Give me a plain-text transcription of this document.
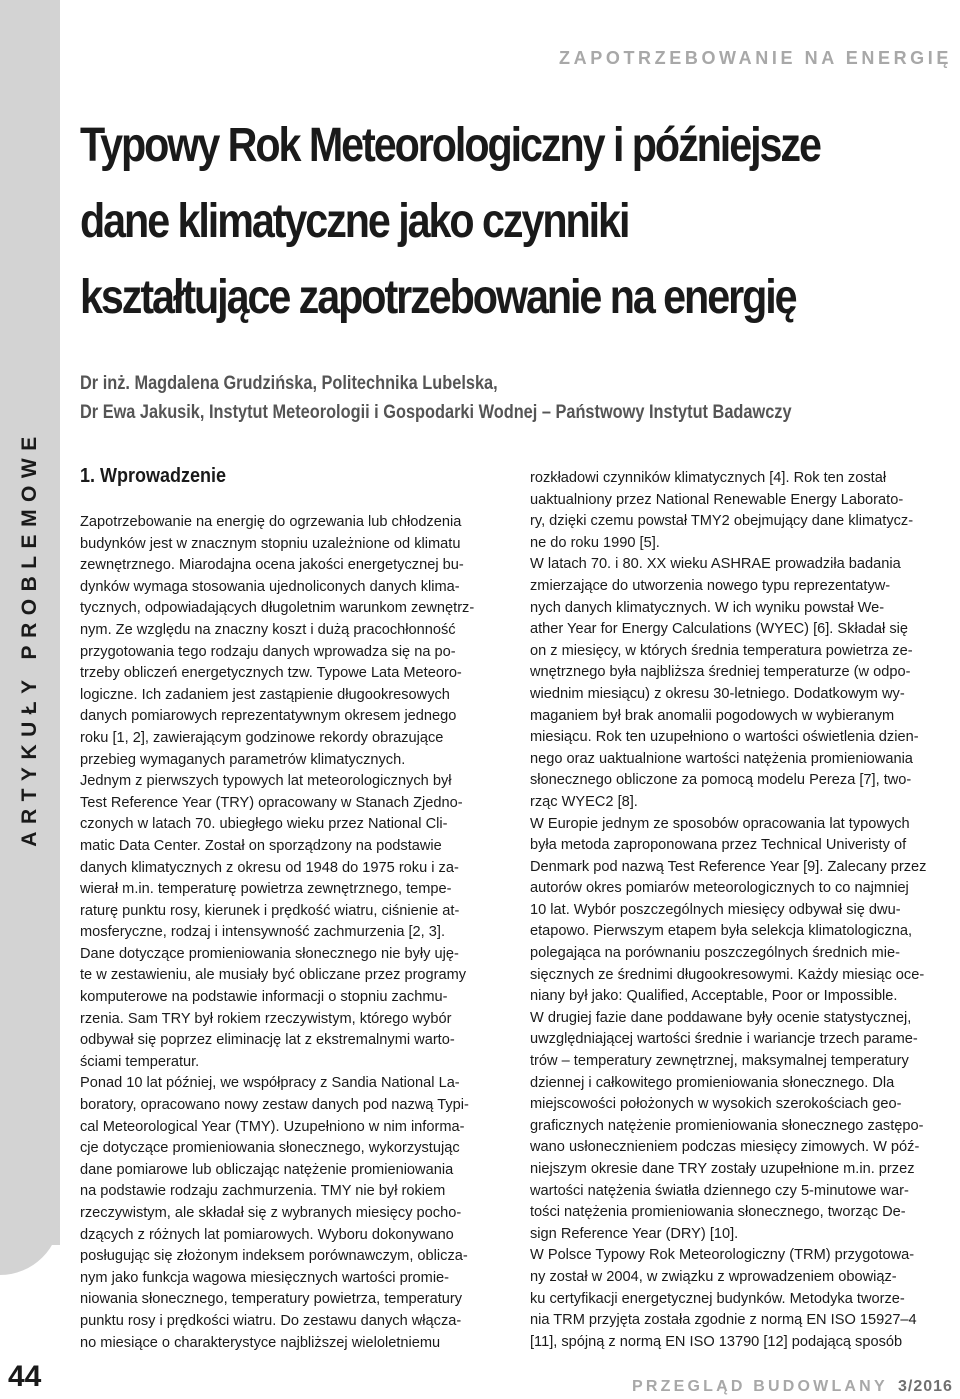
ARTYKUŁY PROBLEMOWE
44
ZAPOTRZEBOWANIE NA ENERGIĘ
Typowy Rok Meteorologiczny i późniejsze
dane klimatyczne jako czynniki
kształtujące zapotrzebowanie na energię
Dr inż. Magdalena Grudzińska, Politechnika Lubelska,
Dr Ewa Jakusik, Instytut Meteorologii i Gospodarki Wodnej – Państwowy Instytut Badawczy
1. Wprowadzenie
Zapotrzebowanie na energię do ogrzewania lub chłodzenia
budynków jest w znacznym stopniu uzależnione od klimatu
zewnętrznego. Miarodajna ocena jakości energetycznej bu-
dynków wymaga stosowania ujednoliconych danych klima-
tycznych, odpowiadających długoletnim warunkom zewnętrz-
nym. Ze względu na znaczny koszt i dużą pracochłonność
przygotowania tego rodzaju danych wprowadza się na po-
trzeby obliczeń energetycznych tzw. Typowe Lata Meteoro-
logiczne. Ich zadaniem jest zastąpienie długookresowych
danych pomiarowych reprezentatywnym okresem jednego
roku [1, 2], zawierającym godzinowe rekordy obrazujące
przebieg wymaganych parametrów klimatycznych.
Jednym z pierwszych typowych lat meteorologicznych był
Test Reference Year (TRY) opracowany w Stanach Zjedno-
czonych w latach 70. ubiegłego wieku przez National Cli-
matic Data Center. Został on sporządzony na podstawie
danych klimatycznych z okresu od 1948 do 1975 roku i za-
wierał m.in. temperaturę powietrza zewnętrznego, tempe-
raturę punktu rosy, kierunek i prędkość wiatru, ciśnienie at-
mosferyczne, rodzaj i intensywność zachmurzenia [2, 3].
Dane dotyczące promieniowania słonecznego nie były uję-
te w zestawieniu, ale musiały być obliczane przez programy
komputerowe na podstawie informacji o stopniu zachmu-
rzenia. Sam TRY był rokiem rzeczywistym, którego wybór
odbywał się poprzez eliminację lat z ekstremalnymi warto-
ściami temperatur.
Ponad 10 lat później, we współpracy z Sandia National La-
boratory, opracowano nowy zestaw danych pod nazwą Typi-
cal Meteorological Year (TMY). Uzupełniono w nim informa-
cje dotyczące promieniowania słonecznego, wykorzystując
dane pomiarowe lub obliczając natężenie promieniowania
na podstawie rodzaju zachmurzenia. TMY nie był rokiem
rzeczywistym, ale składał się z wybranych miesięcy pocho-
dzących z różnych lat pomiarowych. Wyboru dokonywano
posługując się złożonym indeksem porównawczym, oblicza-
nym jako funkcja wagowa miesięcznych wartości promie-
niowania słonecznego, temperatury powietrza, temperatury
punktu rosy i prędkości wiatru. Do zestawu danych włącza-
no miesiące o charakterystyce najbliższej wieloletniemu
rozkładowi czynników klimatycznych [4]. Rok ten został
uaktualniony przez National Renewable Energy Laborato-
ry, dzięki czemu powstał TMY2 obejmujący dane klimatycz-
ne do roku 1990 [5].
W latach 70. i 80. XX wieku ASHRAE prowadziła badania
zmierzające do utworzenia nowego typu reprezentatyw-
nych danych klimatycznych. W ich wyniku powstał We-
ather Year for Energy Calculations (WYEC) [6]. Składał się
on z miesięcy, w których średnia temperatura powietrza ze-
wnętrznego była najbliższa średniej temperaturze (w odpo-
wiednim miesiącu) z okresu 30-letniego. Dodatkowym wy-
maganiem był brak anomalii pogodowych w wybieranym
miesiącu. Rok ten uzupełniono o wartości oświetlenia dzien-
nego oraz uaktualnione wartości natężenia promieniowania
słonecznego obliczone za pomocą modelu Pereza [7], two-
rząc WYEC2 [8].
W Europie jednym ze sposobów opracowania lat typowych
była metoda zaproponowana przez Technical Univeristy of
Denmark pod nazwą Test Reference Year [9]. Zalecany przez
autorów okres pomiarów meteorologicznych to co najmniej
10 lat. Wybór poszczególnych miesięcy odbywał się dwu-
etapowo. Pierwszym etapem była selekcja klimatologiczna,
polegająca na porównaniu poszczególnych średnich mie-
sięcznych ze średnimi długookresowymi. Każdy miesiąc oce-
niany był jako: Qualified, Acceptable, Poor or Impossible.
W drugiej fazie dane poddawane były ocenie statystycznej,
uwzględniającej wartości średnie i wariancje trzech parame-
trów – temperatury zewnętrznej, maksymalnej temperatury
dziennej i całkowitego promieniowania słonecznego. Dla
miejscowości położonych w wysokich szerokościach geo-
graficznych natężenie promieniowania słonecznego zastępo-
wano usłonecznieniem podczas miesięcy zimowych. W póź-
niejszym okresie dane TRY zostały uzupełnione m.in. przez
wartości natężenia światła dziennego czy 5-minutowe war-
tości natężenia promieniowania słonecznego, tworząc De-
sign Reference Year (DRY) [10].
W Polsce Typowy Rok Meteorologiczny (TRM) przygotowa-
ny został w 2004, w związku z wprowadzeniem obowiąz-
ku certyfikacji energetycznej budynków. Metodyka tworze-
nia TRM przyjęta została zgodnie z normą EN ISO 15927–4
[11], spójną z normą EN ISO 13790 [12] podającą sposób
PRZEGLĄD BUDOWLANY 3/2016
